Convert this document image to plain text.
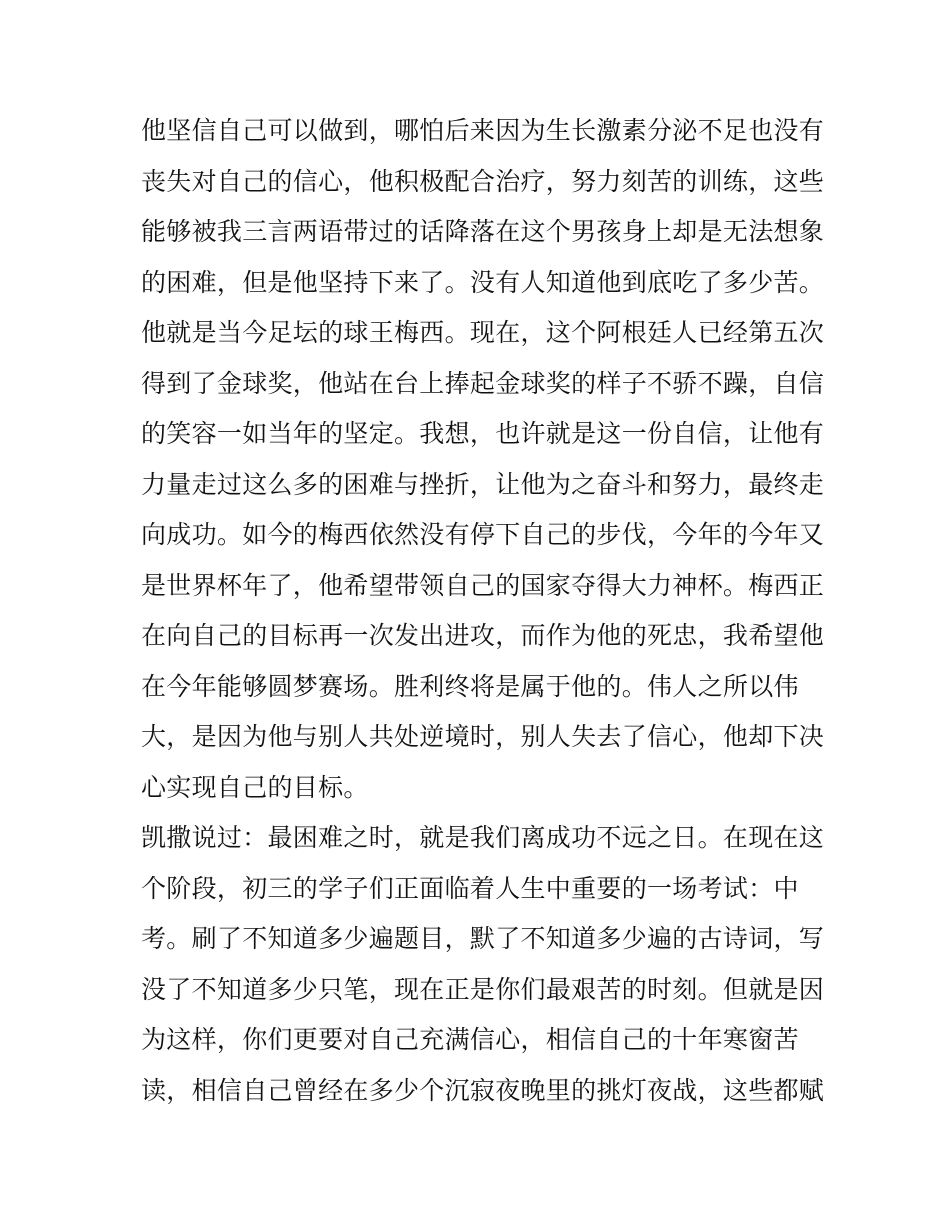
他坚信自己可以做到，哪怕后来因为生长激素分泌不足也没有
丧失对自己的信心，他积极配合治疗，努力刻苦的训练，这些
能够被我三言两语带过的话降落在这个男孩身上却是无法想象
的困难，但是他坚持下来了。没有人知道他到底吃了多少苦。
他就是当今足坛的球王梅西。现在，这个阿根廷人已经第五次
得到了金球奖，他站在台上捧起金球奖的样子不骄不躁，自信
的笑容一如当年的坚定。我想，也许就是这一份自信，让他有
力量走过这么多的困难与挫折，让他为之奋斗和努力，最终走
向成功。如今的梅西依然没有停下自己的步伐，今年的今年又
是世界杯年了，他希望带领自己的国家夺得大力神杯。梅西正
在向自己的目标再一次发出进攻，而作为他的死忠，我希望他
在今年能够圆梦赛场。胜利终将是属于他的。伟人之所以伟
大，是因为他与别人共处逆境时，别人失去了信心，他却下决
心实现自己的目标。
凯撒说过：最困难之时，就是我们离成功不远之日。在现在这
个阶段，初三的学子们正面临着人生中重要的一场考试：中
考。刷了不知道多少遍题目，默了不知道多少遍的古诗词，写
没了不知道多少只笔，现在正是你们最艰苦的时刻。但就是因
为这样，你们更要对自己充满信心，相信自己的十年寒窗苦
读，相信自己曾经在多少个沉寂夜晚里的挑灯夜战，这些都赋
